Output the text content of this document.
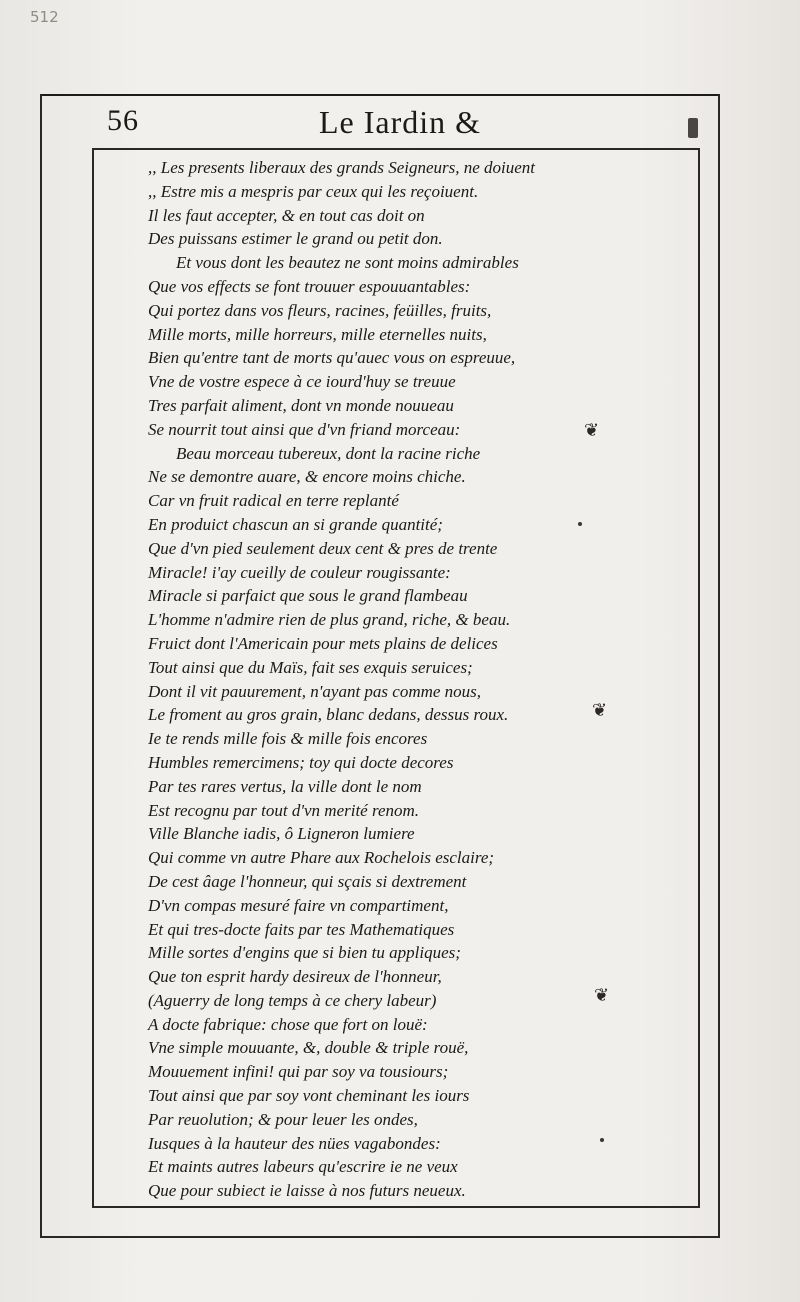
512
56	Le Iardin &
,, Les presents liberaux des grands Seigneurs, ne doiuent
,, Estre mis a mespris par ceux qui les reçoiuent.
Il les faut accepter, & en tout cas doit on
Des puissans estimer le grand ou petit don.
Et vous dont les beautez ne sont moins admirables
Que vos effects se font trouuer espouuantables:
Qui portez dans vos fleurs, racines, feüilles, fruits,
Mille morts, mille horreurs, mille eternelles nuits,
Bien qu'entre tant de morts qu'auec vous on espreuue,
Vne de vostre espece à ce iourd'huy se treuue
Tres parfait aliment, dont vn monde nouueau
Se nourrit tout ainsi que d'vn friand morceau:
Beau morceau tubereux, dont la racine riche
Ne se demontre auare, & encore moins chiche.
Car vn fruit radical en terre replanté
En produict chascun an si grande quantité;
Que d'vn pied seulement deux cent & pres de trente
Miracle! i'ay cueilly de couleur rougissante:
Miracle si parfaict que sous le grand flambeau
L'homme n'admire rien de plus grand, riche, & beau.
Fruict dont l'Americain pour mets plains de delices
Tout ainsi que du Maïs, fait ses exquis seruices;
Dont il vit pauurement, n'ayant pas comme nous,
Le froment au gros grain, blanc dedans, dessus roux.
Ie te rends mille fois & mille fois encores
Humbles remercimens; toy qui docte decores
Par tes rares vertus, la ville dont le nom
Est recognu par tout d'vn merité renom.
Ville Blanche iadis, ô Ligneron lumiere
Qui comme vn autre Phare aux Rochelois esclaire;
De cest âage l'honneur, qui sçais si dextrement
D'vn compas mesuré faire vn compartiment,
Et qui tres-docte faits par tes Mathematiques
Mille sortes d'engins que si bien tu appliques;
Que ton esprit hardy desireux de l'honneur,
(Aguerry de long temps à ce chery labeur)
A docte fabrique: chose que fort on louë:
Vne simple mouuante, &, double & triple rouë,
Mouuement infini! qui par soy va tousiours;
Tout ainsi que par soy vont cheminant les iours
Par reuolution; & pour leuer les ondes,
Iusques à la hauteur des nües vagabondes:
Et maints autres labeurs qu'escrire ie ne veux
Que pour subiect ie laisse à nos futurs neueux.
❦
❦
❦
